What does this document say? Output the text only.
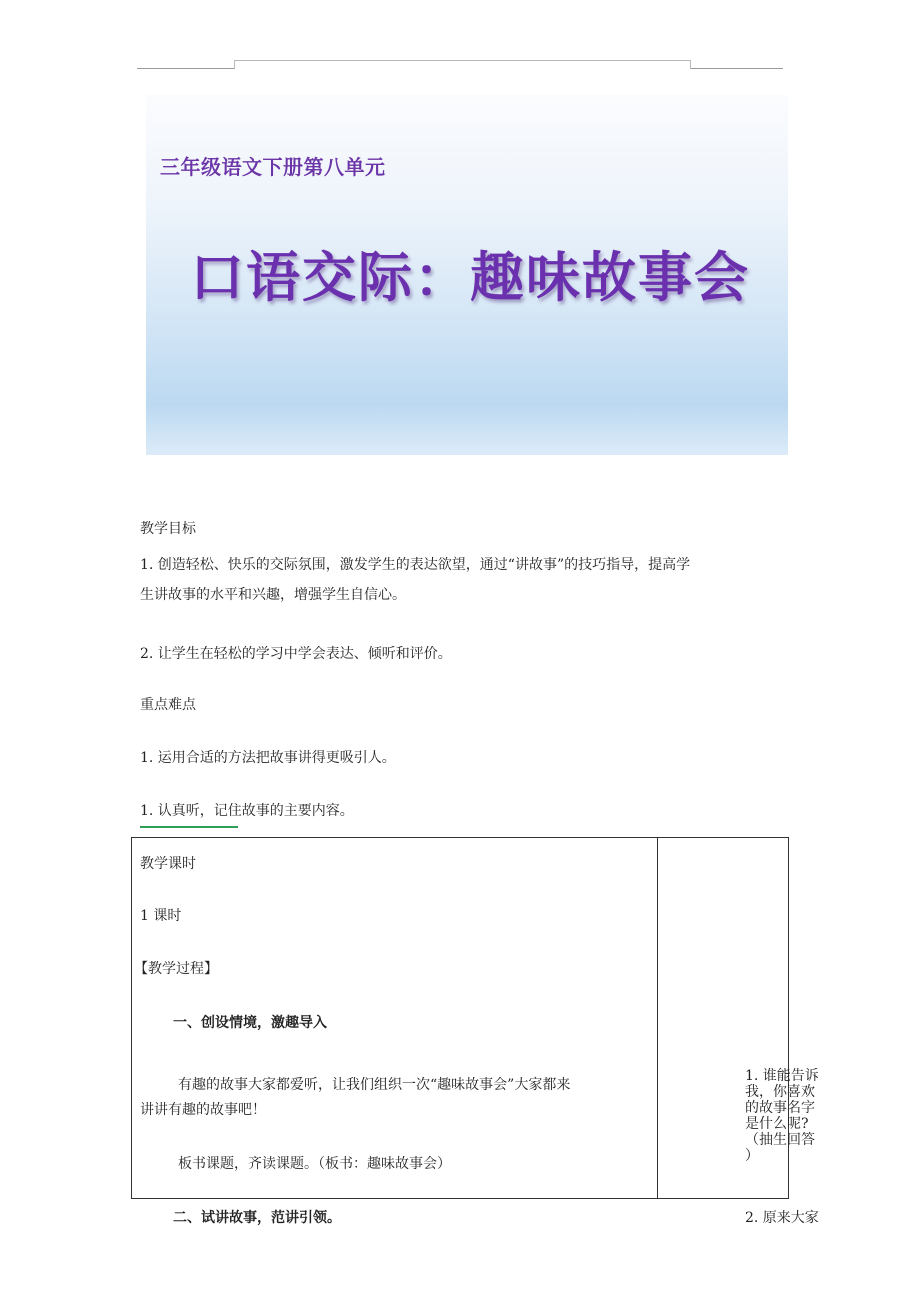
三年级语文下册第八单元
口语交际：趣味故事会
教学目标
1. 创造轻松、快乐的交际氛围，激发学生的表达欲望，通过“讲故事”的技巧指导，提高学
生讲故事的水平和兴趣，增强学生自信心。
2. 让学生在轻松的学习中学会表达、倾听和评价。
重点难点
1. 运用合适的方法把故事讲得更吸引人。
1. 认真听，记住故事的主要内容。
教学课时
1 课时
【教学过程】
一、创设情境，激趣导入
有趣的故事大家都爱听，让我们组织一次“趣味故事会”大家都来
讲讲有趣的故事吧！
板书课题，齐读课题。（板书：趣味故事会）
二、试讲故事，范讲引领。
1. 谁能告诉
我，你喜欢
的故事名字
是什么呢?
（抽生回答
）
2. 原来大家
